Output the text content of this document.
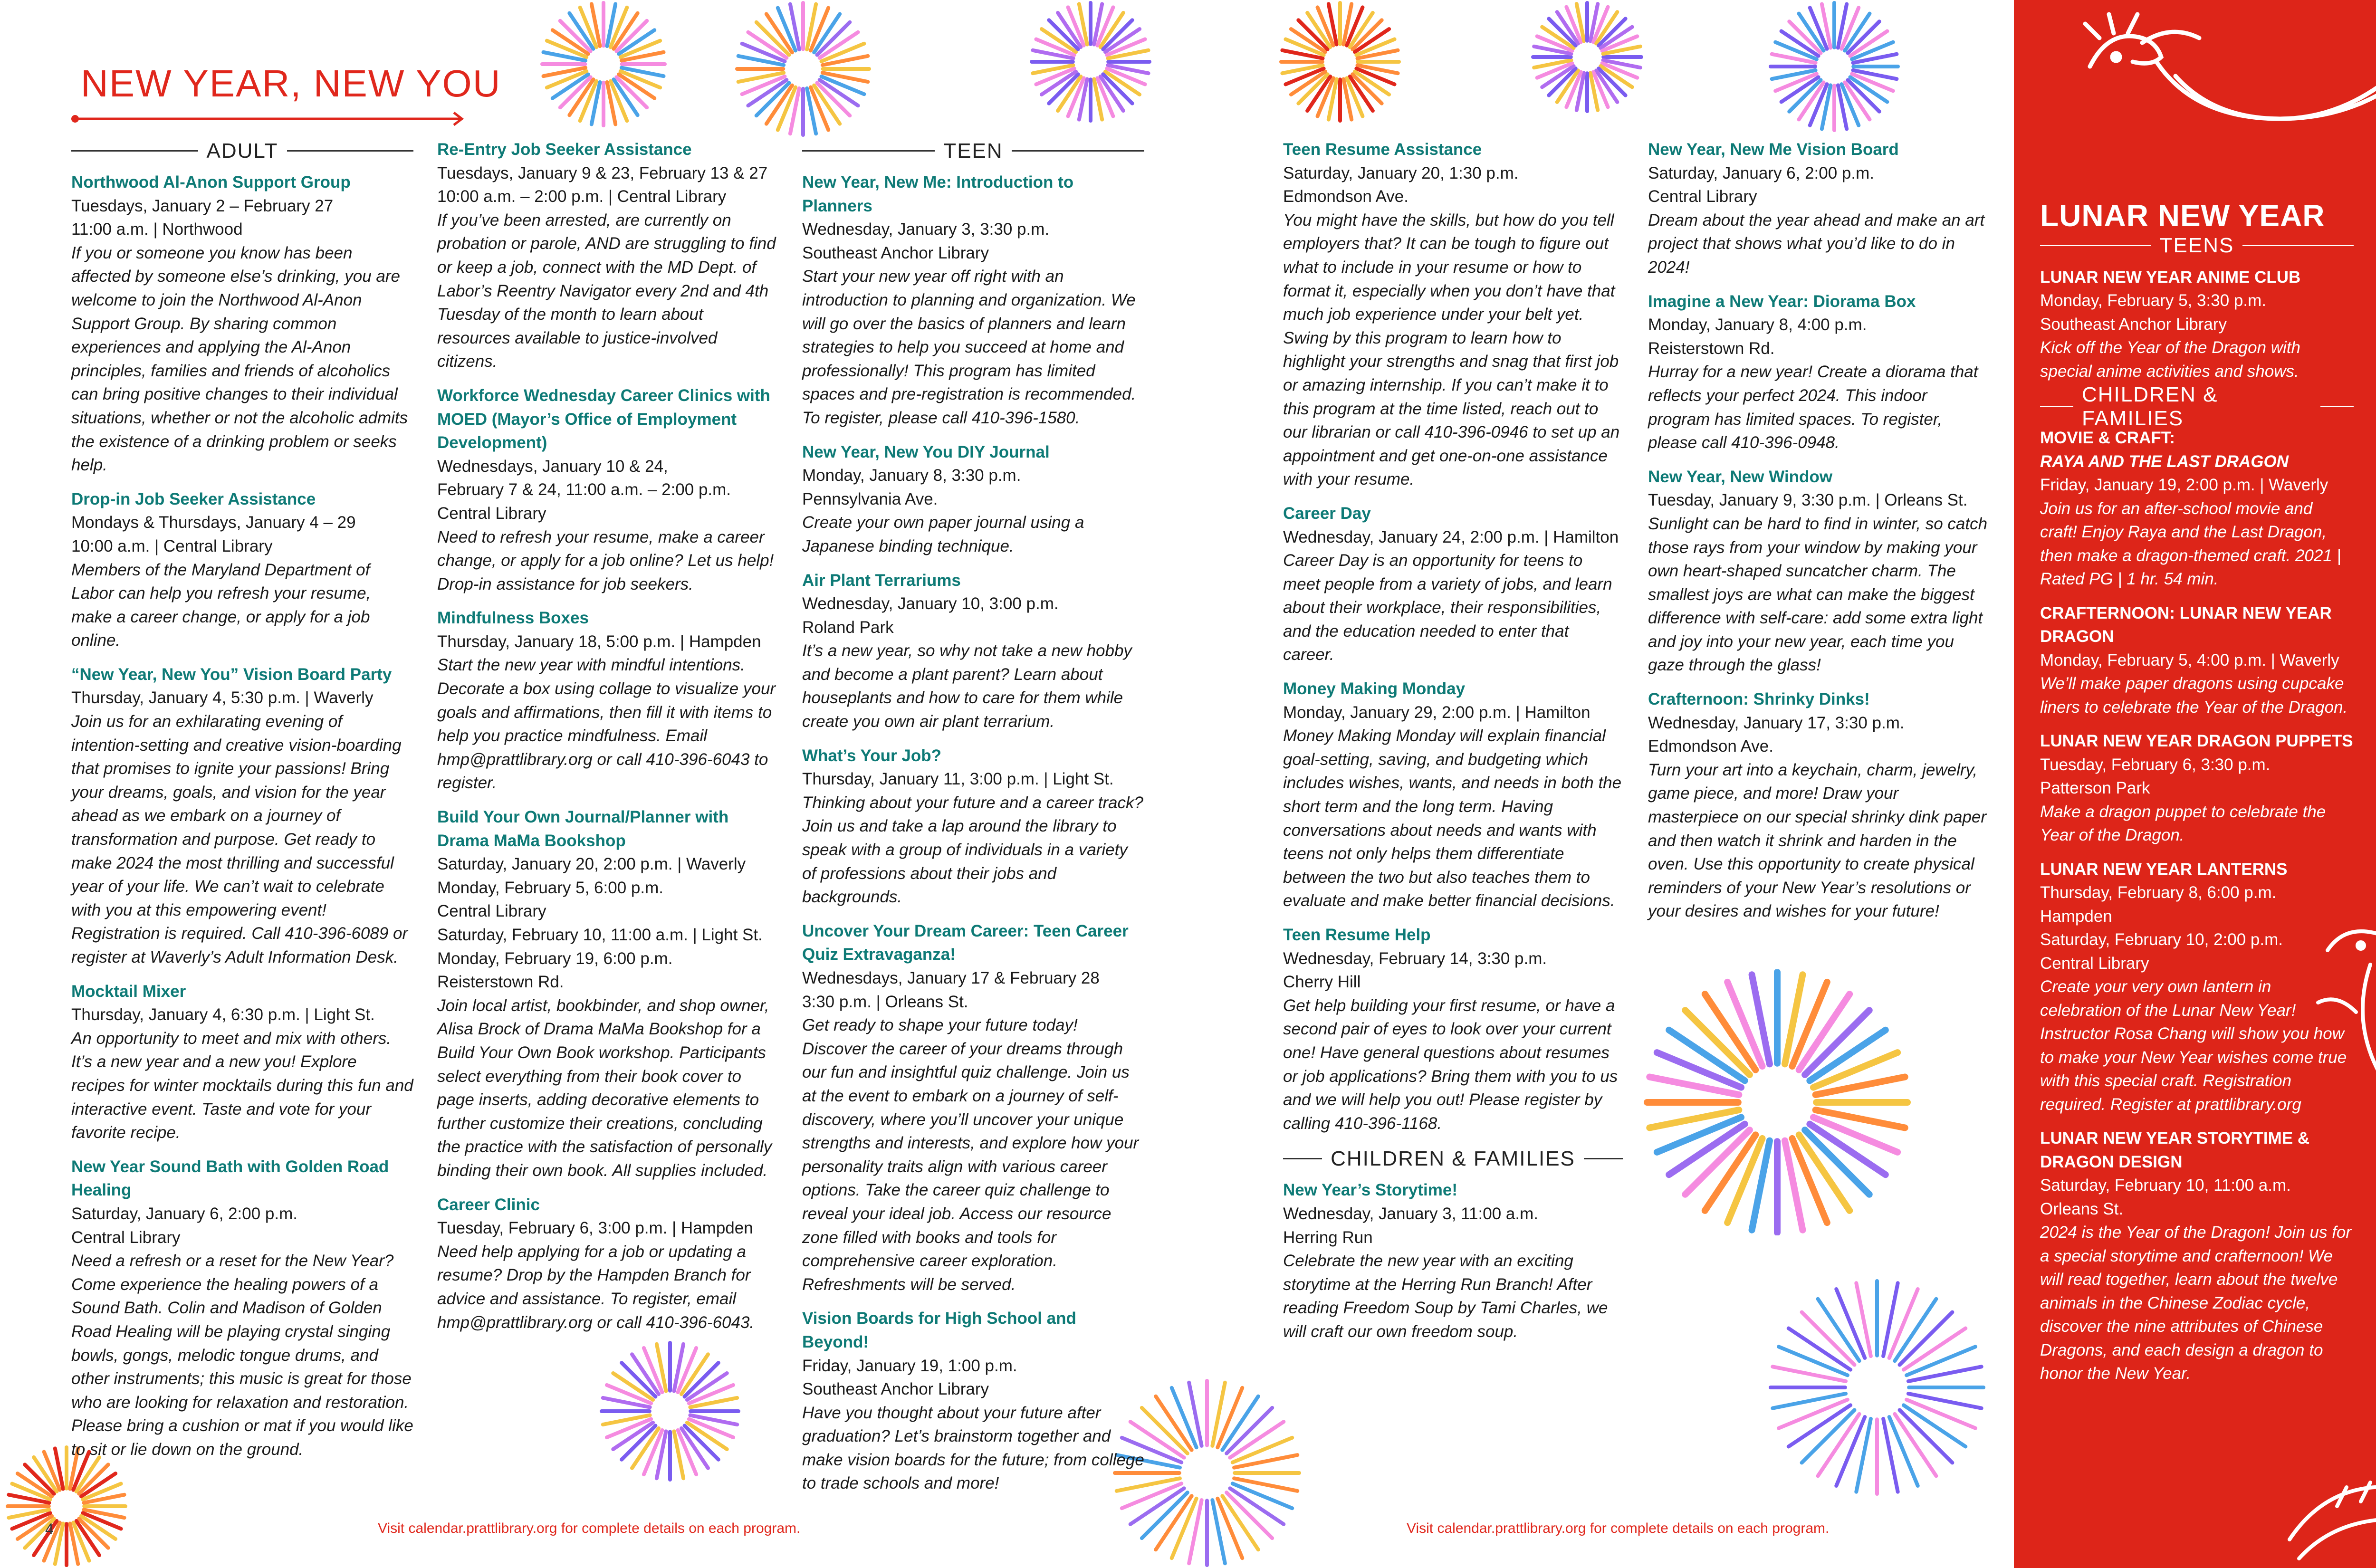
NEW YEAR, NEW YOU
ADULT
Northwood Al-Anon Support Group
Tuesdays, January 2 – February 27
11:00 a.m. | Northwood
If you or someone you know has been affected by someone else’s drinking, you are welcome to join the Northwood Al-Anon Support Group. By sharing common experiences and applying the Al-Anon principles, families and friends of alcoholics can bring positive changes to their individual situations, whether or not the alcoholic admits the existence of a drinking problem or seeks help.
Drop-in Job Seeker Assistance
Mondays & Thursdays, January 4 – 29
10:00 a.m. | Central Library
Members of the Maryland Department of Labor can help you refresh your resume, make a career change, or apply for a job online.
“New Year, New You” Vision Board Party
Thursday, January 4, 5:30 p.m. | Waverly
Join us for an exhilarating evening of intention-setting and creative vision-boarding that promises to ignite your passions! Bring your dreams, goals, and vision for the year ahead as we embark on a journey of transformation and purpose. Get ready to make 2024 the most thrilling and successful year of your life. We can’t wait to celebrate with you at this empowering event! Registration is required. Call 410-396-6089 or register at Waverly’s Adult Information Desk.
Mocktail Mixer
Thursday, January 4, 6:30 p.m. | Light St.
An opportunity to meet and mix with others. It’s a new year and a new you! Explore recipes for winter mocktails during this fun and interactive event. Taste and vote for your favorite recipe.
New Year Sound Bath with Golden Road Healing
Saturday, January 6, 2:00 p.m.
Central Library
Need a refresh or a reset for the New Year? Come experience the healing powers of a Sound Bath. Colin and Madison of Golden Road Healing will be playing crystal singing bowls, gongs, melodic tongue drums, and other instruments; this music is great for those who are looking for relaxation and restoration. Please bring a cushion or mat if you would like to sit or lie down on the ground.
Re-Entry Job Seeker Assistance
Tuesdays, January 9 & 23, February 13 & 27
10:00 a.m. – 2:00 p.m. | Central Library
If you’ve been arrested, are currently on probation or parole, AND are struggling to find or keep a job, connect with the MD Dept. of Labor’s Reentry Navigator every 2nd and 4th Tuesday of the month to learn about resources available to justice-involved citizens.
Workforce Wednesday Career Clinics with MOED (Mayor’s Office of Employment Development)
Wednesdays, January 10 & 24,
February 7 & 24, 11:00 a.m. – 2:00 p.m.
Central Library
Need to refresh your resume, make a career change, or apply for a job online? Let us help! Drop-in assistance for job seekers.
Mindfulness Boxes
Thursday, January 18, 5:00 p.m. | Hampden
Start the new year with mindful intentions. Decorate a box using collage to visualize your goals and affirmations, then fill it with items to help you practice mindfulness. Email hmp@prattlibrary.org or call 410-396-6043 to register.
Build Your Own Journal/Planner with Drama MaMa Bookshop
Saturday, January 20, 2:00 p.m. | Waverly
Monday, February 5, 6:00 p.m.
Central Library
Saturday, February 10, 11:00 a.m. | Light St.
Monday, February 19, 6:00 p.m.
Reisterstown Rd.
Join local artist, bookbinder, and shop owner, Alisa Brock of Drama MaMa Bookshop for a Build Your Own Book workshop. Participants select everything from their book cover to page inserts, adding decorative elements to further customize their creations, concluding the practice with the satisfaction of personally binding their own book. All supplies included.
Career Clinic
Tuesday, February 6, 3:00 p.m. | Hampden
Need help applying for a job or updating a resume? Drop by the Hampden Branch for advice and assistance. To register, email hmp@prattlibrary.org or call 410-396-6043.
TEEN
New Year, New Me: Introduction to Planners
Wednesday, January 3, 3:30 p.m.
Southeast Anchor Library
Start your new year off right with an introduction to planning and organization. We will go over the basics of planners and learn strategies to help you succeed at home and professionally! This program has limited spaces and pre-registration is recommended. To register, please call 410-396-1580.
New Year, New You DIY Journal
Monday, January 8, 3:30 p.m.
Pennsylvania Ave.
Create your own paper journal using a Japanese binding technique.
Air Plant Terrariums
Wednesday, January 10, 3:00 p.m.
Roland Park
It’s a new year, so why not take a new hobby and become a plant parent? Learn about houseplants and how to care for them while create you own air plant terrarium.
What’s Your Job?
Thursday, January 11, 3:00 p.m. | Light St.
Thinking about your future and a career track? Join us and take a lap around the library to speak with a group of individuals in a variety of professions about their jobs and backgrounds.
Uncover Your Dream Career: Teen Career Quiz Extravaganza!
Wednesdays, January 17 & February 28
3:30 p.m. | Orleans St.
Get ready to shape your future today! Discover the career of your dreams through our fun and insightful quiz challenge. Join us at the event to embark on a journey of self-discovery, where you’ll uncover your unique strengths and interests, and explore how your personality traits align with various career options. Take the career quiz challenge to reveal your ideal job. Access our resource zone filled with books and tools for comprehensive career exploration. Refreshments will be served.
Vision Boards for High School and Beyond!
Friday, January 19, 1:00 p.m.
Southeast Anchor Library
Have you thought about your future after graduation? Let’s brainstorm together and make vision boards for the future; from college to trade schools and more!
Teen Resume Assistance
Saturday, January 20, 1:30 p.m.
Edmondson Ave.
You might have the skills, but how do you tell employers that? It can be tough to figure out what to include in your resume or how to format it, especially when you don’t have that much job experience under your belt yet. Swing by this program to learn how to highlight your strengths and snag that first job or amazing internship. If you can’t make it to this program at the time listed, reach out to our librarian or call 410-396-0946 to set up an appointment and get one-on-one assistance with your resume.
Career Day
Wednesday, January 24, 2:00 p.m. | Hamilton
Career Day is an opportunity for teens to meet people from a variety of jobs, and learn about their workplace, their responsibilities, and the education needed to enter that career.
Money Making Monday
Monday, January 29, 2:00 p.m. | Hamilton
Money Making Monday will explain financial goal-setting, saving, and budgeting which includes wishes, wants, and needs in both the short term and the long term. Having conversations about needs and wants with teens not only helps them differentiate between the two but also teaches them to evaluate and make better financial decisions.
Teen Resume Help
Wednesday, February 14, 3:30 p.m.
Cherry Hill
Get help building your first resume, or have a second pair of eyes to look over your current one! Have general questions about resumes or job applications? Bring them with you to us and we will help you out! Please register by calling 410-396-1168.
CHILDREN & FAMILIES
New Year’s Storytime!
Wednesday, January 3, 11:00 a.m.
Herring Run
Celebrate the new year with an exciting storytime at the Herring Run Branch! After reading Freedom Soup by Tami Charles, we will craft our own freedom soup.
New Year, New Me Vision Board
Saturday, January 6, 2:00 p.m.
Central Library
Dream about the year ahead and make an art project that shows what you’d like to do in 2024!
Imagine a New Year: Diorama Box
Monday, January 8, 4:00 p.m.
Reisterstown Rd.
Hurray for a new year! Create a diorama that reflects your perfect 2024. This indoor program has limited spaces. To register, please call 410-396-0948.
New Year, New Window
Tuesday, January 9, 3:30 p.m. | Orleans St.
Sunlight can be hard to find in winter, so catch those rays from your window by making your own heart-shaped suncatcher charm. The smallest joys are what can make the biggest difference with self-care: add some extra light and joy into your new year, each time you gaze through the glass!
Crafternoon: Shrinky Dinks!
Wednesday, January 17, 3:30 p.m.
Edmondson Ave.
Turn your art into a keychain, charm, jewelry, game piece, and more! Draw your masterpiece on our special shrinky dink paper and then watch it shrink and harden in the oven. Use this opportunity to create physical reminders of your New Year’s resolutions or your desires and wishes for your future!
LUNAR NEW YEAR
TEENS
LUNAR NEW YEAR ANIME CLUB
Monday, February 5, 3:30 p.m.
Southeast Anchor Library
Kick off the Year of the Dragon with special anime activities and shows.
CHILDREN & FAMILIES
MOVIE & CRAFT:
RAYA AND THE LAST DRAGON
Friday, January 19, 2:00 p.m. | Waverly
Join us for an after-school movie and craft! Enjoy Raya and the Last Dragon, then make a dragon-themed craft. 2021 | Rated PG | 1 hr. 54 min.
CRAFTERNOON: LUNAR NEW YEAR DRAGON
Monday, February 5, 4:00 p.m. | Waverly
We’ll make paper dragons using cupcake liners to celebrate the Year of the Dragon.
LUNAR NEW YEAR DRAGON PUPPETS
Tuesday, February 6, 3:30 p.m.
Patterson Park
Make a dragon puppet to celebrate the Year of the Dragon.
LUNAR NEW YEAR LANTERNS
Thursday, February 8, 6:00 p.m.
Hampden
Saturday, February 10, 2:00 p.m.
Central Library
Create your very own lantern in celebration of the Lunar New Year! Instructor Rosa Chang will show you how to make your New Year wishes come true with this special craft. Registration required. Register at prattlibrary.org
LUNAR NEW YEAR STORYTIME & DRAGON DESIGN
Saturday, February 10, 11:00 a.m.
Orleans St.
2024 is the Year of the Dragon! Join us for a special storytime and crafternoon! We will read together, learn about the twelve animals in the Chinese Zodiac cycle, discover the nine attributes of Chinese Dragons, and each design a dragon to honor the New Year.
4	Visit calendar.prattlibrary.org for complete details on each program.	Visit calendar.prattlibrary.org for complete details on each program.
